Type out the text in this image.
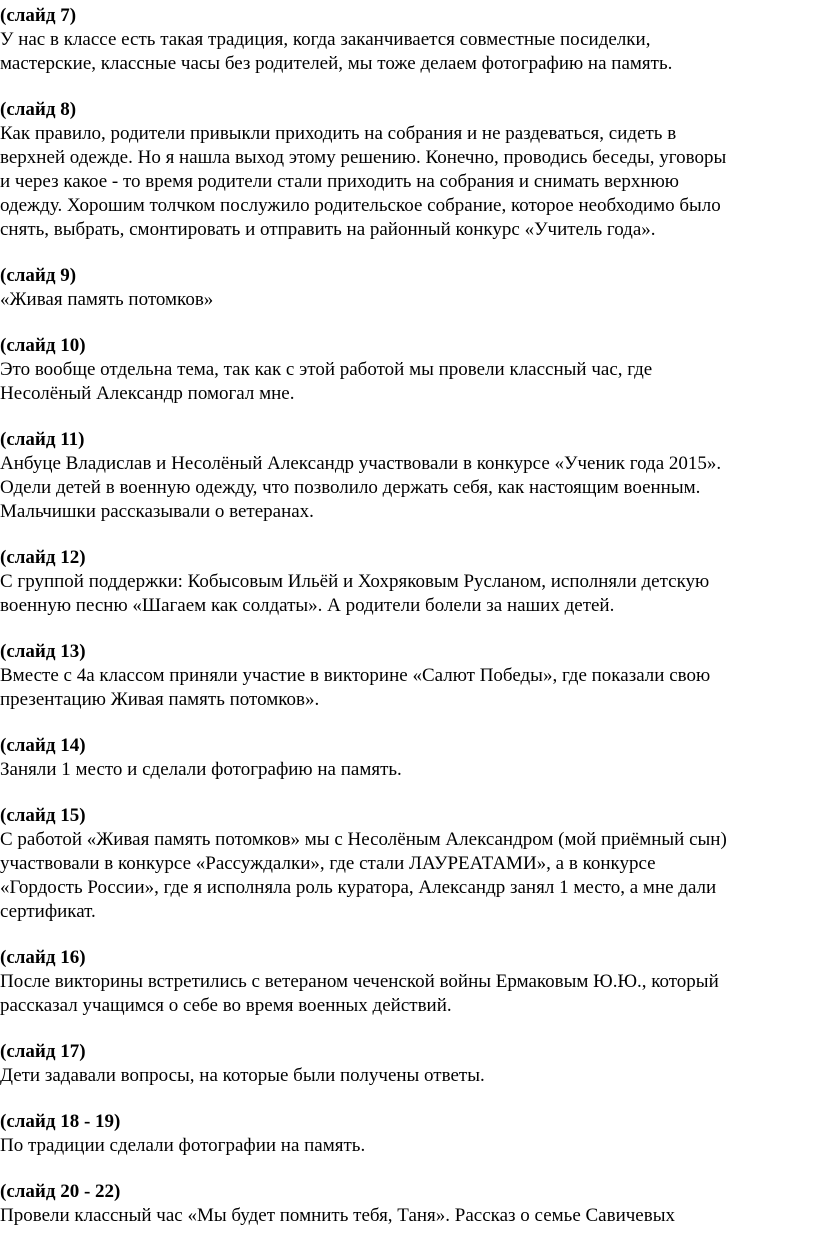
(слайд 7)
У нас в классе есть такая традиция, когда заканчивается совместные посиделки,
мастерские, классные часы без родителей, мы тоже делаем фотографию на память.
(слайд 8)
Как правило, родители привыкли приходить на собрания и не раздеваться, сидеть в
верхней одежде. Но я нашла выход этому решению. Конечно, проводись беседы, уговоры
и через какое - то время родители стали приходить на собрания и снимать верхнюю
одежду. Хорошим толчком послужило родительское собрание, которое необходимо было
снять, выбрать, смонтировать и отправить на районный конкурс «Учитель года».
(слайд 9)
«Живая память потомков»
(слайд 10)
Это вообще отдельна тема, так как с этой работой мы провели классный час, где
Несолёный Александр помогал мне.
(слайд 11)
Анбуце Владислав и Несолёный Александр участвовали в конкурсе «Ученик года 2015».
Одели детей в военную одежду, что позволило держать себя, как настоящим военным.
Мальчишки рассказывали о ветеранах.
(слайд 12)
С группой поддержки: Кобысовым Ильёй и Хохряковым Русланом, исполняли детскую
военную песню «Шагаем как солдаты». А родители болели за наших детей.
(слайд 13)
Вместе с 4а классом приняли участие в викторине «Салют Победы», где показали свою
презентацию Живая память потомков».
(слайд 14)
Заняли 1 место и сделали фотографию на память.
(слайд 15)
С работой «Живая память потомков» мы с Несолёным Александром (мой приёмный сын)
участвовали в конкурсе «Рассуждалки», где стали ЛАУРЕАТАМИ», а в конкурсе
«Гордость России», где я исполняла роль куратора, Александр занял 1 место, а мне дали
сертификат.
(слайд 16)
После викторины встретились с ветераном чеченской войны Ермаковым Ю.Ю., который
рассказал учащимся о себе во время военных действий.
(слайд 17)
Дети задавали вопросы, на которые были получены ответы.
(слайд 18 - 19)
По традиции сделали фотографии на память.
(слайд 20 - 22)
Провели классный час «Мы будет помнить тебя, Таня». Рассказ о семье Савичевых
